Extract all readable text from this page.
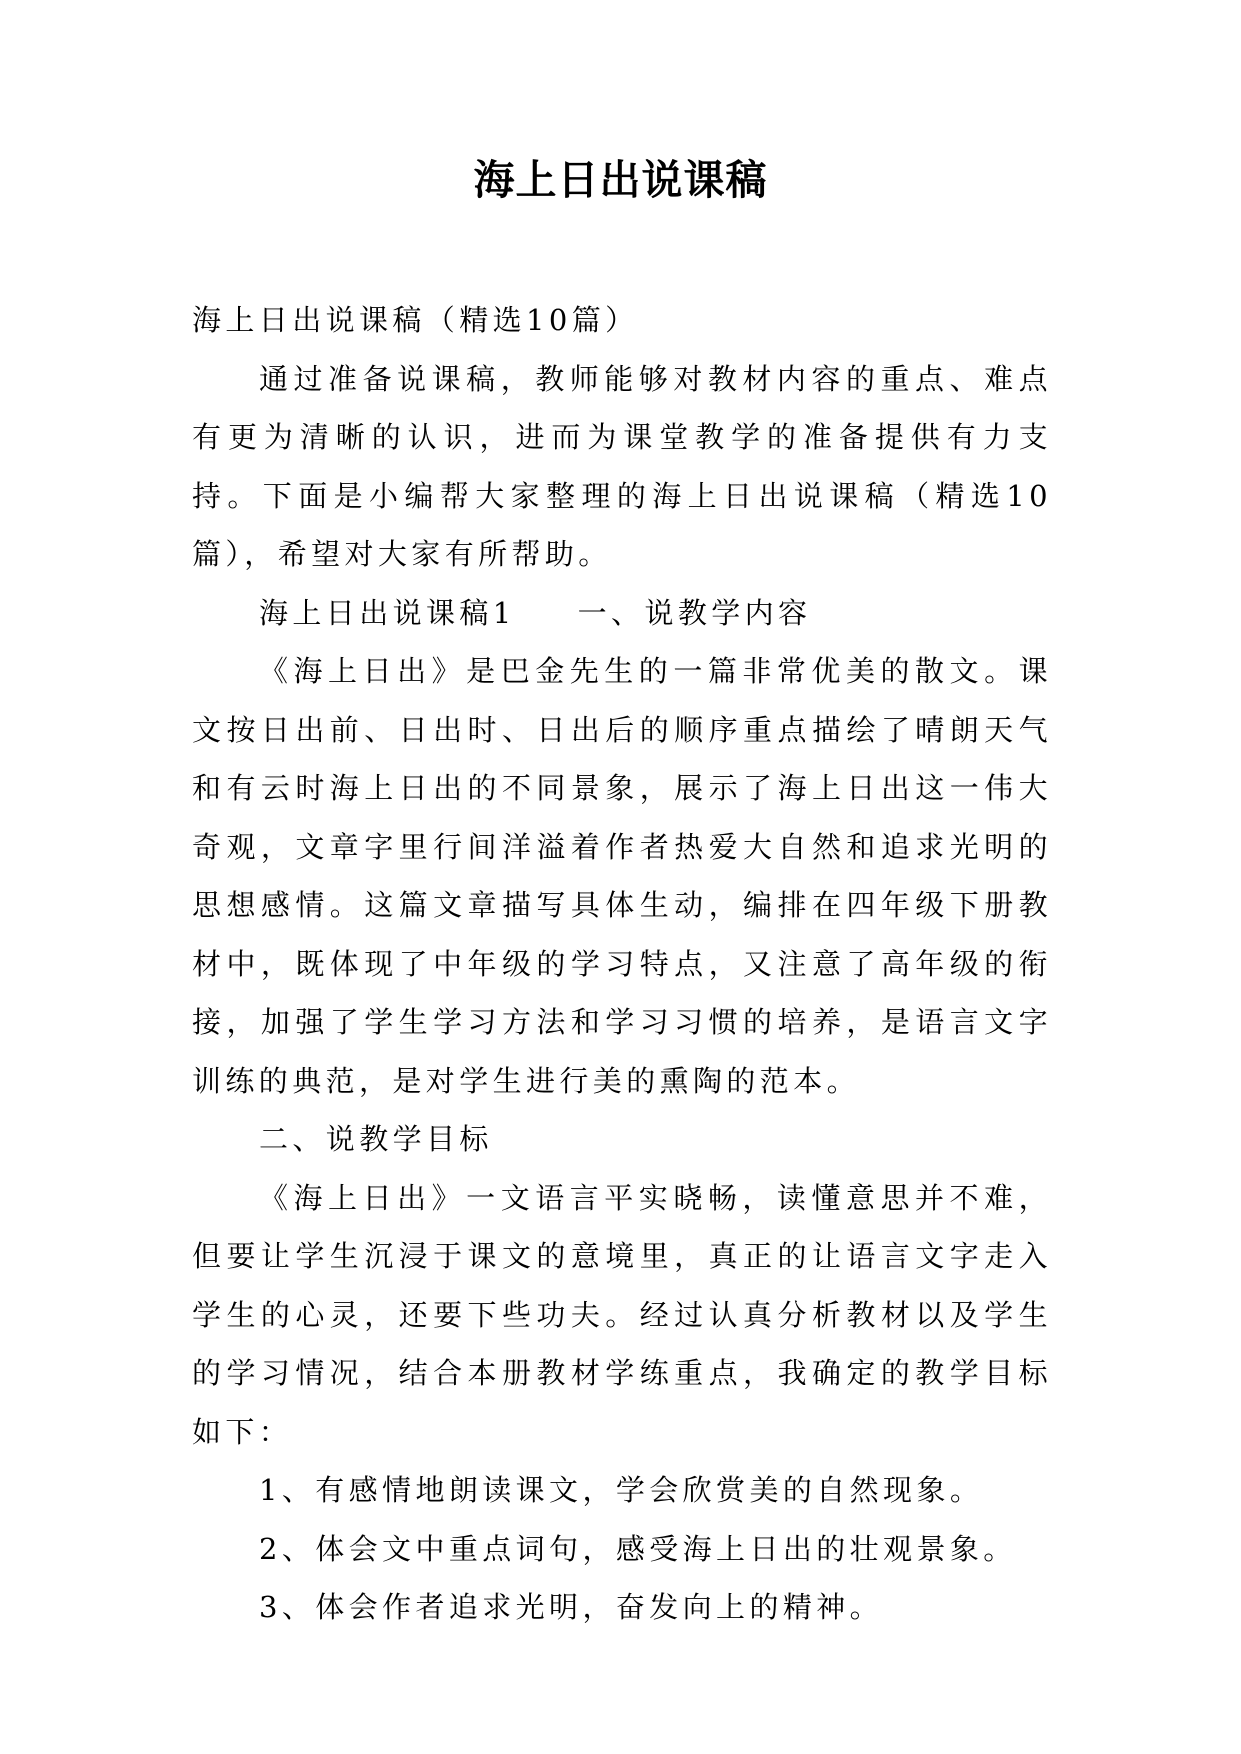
海上日出说课稿

海上日出说课稿（精选10篇）

通过准备说课稿，教师能够对教材内容的重点、难点有更为清晰的认识，进而为课堂教学的准备提供有力支持。下面是小编帮大家整理的海上日出说课稿（精选10篇），希望对大家有所帮助。

海上日出说课稿1 一、说教学内容

《海上日出》是巴金先生的一篇非常优美的散文。课文按日出前、日出时、日出后的顺序重点描绘了晴朗天气和有云时海上日出的不同景象，展示了海上日出这一伟大奇观，文章字里行间洋溢着作者热爱大自然和追求光明的思想感情。这篇文章描写具体生动，编排在四年级下册教材中，既体现了中年级的学习特点，又注意了高年级的衔接，加强了学生学习方法和学习习惯的培养，是语言文字训练的典范，是对学生进行美的熏陶的范本。

二、说教学目标

《海上日出》一文语言平实晓畅，读懂意思并不难，但要让学生沉浸于课文的意境里，真正的让语言文字走入学生的心灵，还要下些功夫。经过认真分析教材以及学生的学习情况，结合本册教材学练重点，我确定的教学目标如下：

1、有感情地朗读课文，学会欣赏美的自然现象。

2、体会文中重点词句，感受海上日出的壮观景象。

3、体会作者追求光明，奋发向上的精神。
